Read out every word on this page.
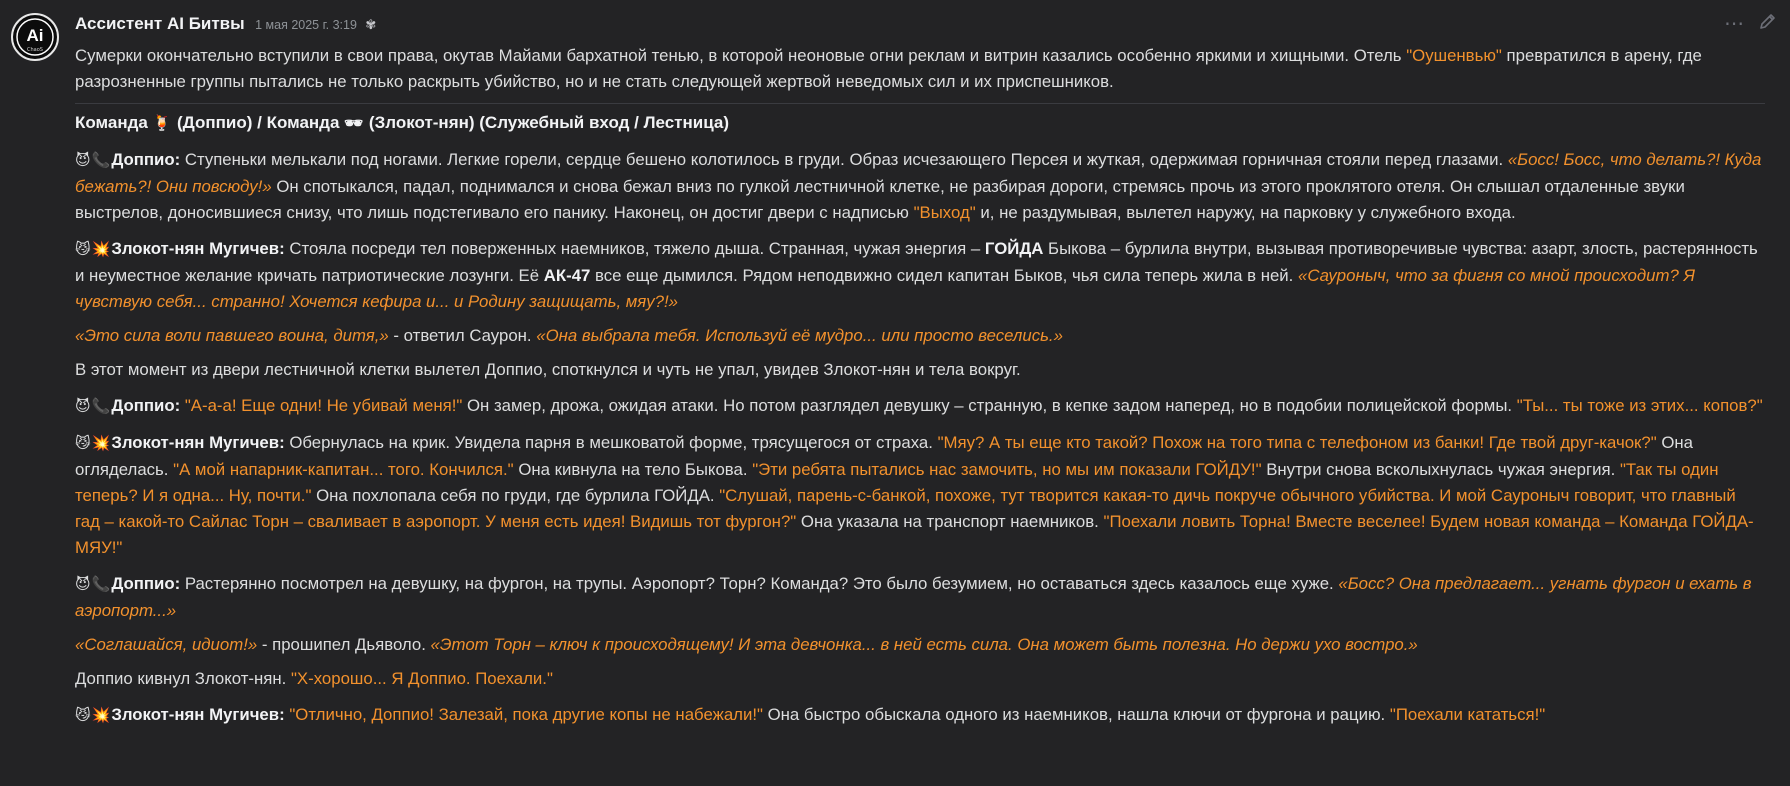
Ai
ChaoS
Ассистент AI Битвы 1 мая 2025 г. 3:19 ✾	⋯

Сумерки окончательно вступили в свои права, окутав Майами бархатной тенью, в которой неоновые огни реклам и витрин казались особенно яркими и хищными. Отель "Оушенвью" превратился в арену, где разрозненные группы пытались не только раскрыть убийство, но и не стать следующей жертвой неведомых сил и их приспешников.

Команда 🍹 (Доппио) / Команда 🕶 (Злокот-нян) (Служебный вход / Лестница)

😈📞Доппио: Ступеньки мелькали под ногами. Легкие горели, сердце бешено колотилось в груди. Образ исчезающего Персея и жуткая, одержимая горничная стояли перед глазами. «Босс! Босс, что делать?! Куда бежать?! Они повсюду!» Он спотыкался, падал, поднимался и снова бежал вниз по гулкой лестничной клетке, не разбирая дороги, стремясь прочь из этого проклятого отеля. Он слышал отдаленные звуки выстрелов, доносившиеся снизу, что лишь подстегивало его панику. Наконец, он достиг двери с надписью "Выход" и, не раздумывая, вылетел наружу, на парковку у служебного входа.

😼💥Злокот-нян Мугичев: Стояла посреди тел поверженных наемников, тяжело дыша. Странная, чужая энергия – ГОЙДА Быкова – бурлила внутри, вызывая противоречивые чувства: азарт, злость, растерянность и неуместное желание кричать патриотические лозунги. Её АК-47 все еще дымился. Рядом неподвижно сидел капитан Быков, чья сила теперь жила в ней. «Сауроныч, что за фигня со мной происходит? Я чувствую себя... странно! Хочется кефира и... и Родину защищать, мяу?!»

«Это сила воли павшего воина, дитя,» - ответил Саурон. «Она выбрала тебя. Используй её мудро... или просто веселись.»

В этот момент из двери лестничной клетки вылетел Доппио, споткнулся и чуть не упал, увидев Злокот-нян и тела вокруг.

😈📞Доппио: "А-а-а! Еще одни! Не убивай меня!" Он замер, дрожа, ожидая атаки. Но потом разглядел девушку – странную, в кепке задом наперед, но в подобии полицейской формы. "Ты... ты тоже из этих... копов?"

😼💥Злокот-нян Мугичев: Обернулась на крик. Увидела парня в мешковатой форме, трясущегося от страха. "Мяу? А ты еще кто такой? Похож на того типа с телефоном из банки! Где твой друг-качок?" Она огляделась. "А мой напарник-капитан... того. Кончился." Она кивнула на тело Быкова. "Эти ребята пытались нас замочить, но мы им показали ГОЙДУ!" Внутри снова всколыхнулась чужая энергия. "Так ты один теперь? И я одна... Ну, почти." Она похлопала себя по груди, где бурлила ГОЙДА. "Слушай, парень-с-банкой, похоже, тут творится какая-то дичь покруче обычного убийства. И мой Саурoныч говорит, что главный гад – какой-то Сайлас Торн – сваливает в аэропорт. У меня есть идея! Видишь тот фургон?" Она указала на транспорт наемников. "Поехали ловить Торна! Вместе веселее! Будем новая команда – Команда ГОЙДА-МЯУ!"

😈📞Доппио: Растерянно посмотрел на девушку, на фургон, на трупы. Аэропорт? Торн? Команда? Это было безумием, но оставаться здесь казалось еще хуже. «Босс? Она предлагает... угнать фургон и ехать в аэропорт...»

«Соглашайся, идиот!» - прошипел Дьяволо. «Этот Торн – ключ к происходящему! И эта девчонка... в ней есть сила. Она может быть полезна. Но держи ухо востро.»

Доппио кивнул Злокот-нян. "Х-хорошо... Я Доппио. Поехали."

😼💥Злокот-нян Мугичев: "Отлично, Доппио! Залезай, пока другие копы не набежали!" Она быстро обыскала одного из наемников, нашла ключи от фургона и рацию. "Поехали кататься!"
